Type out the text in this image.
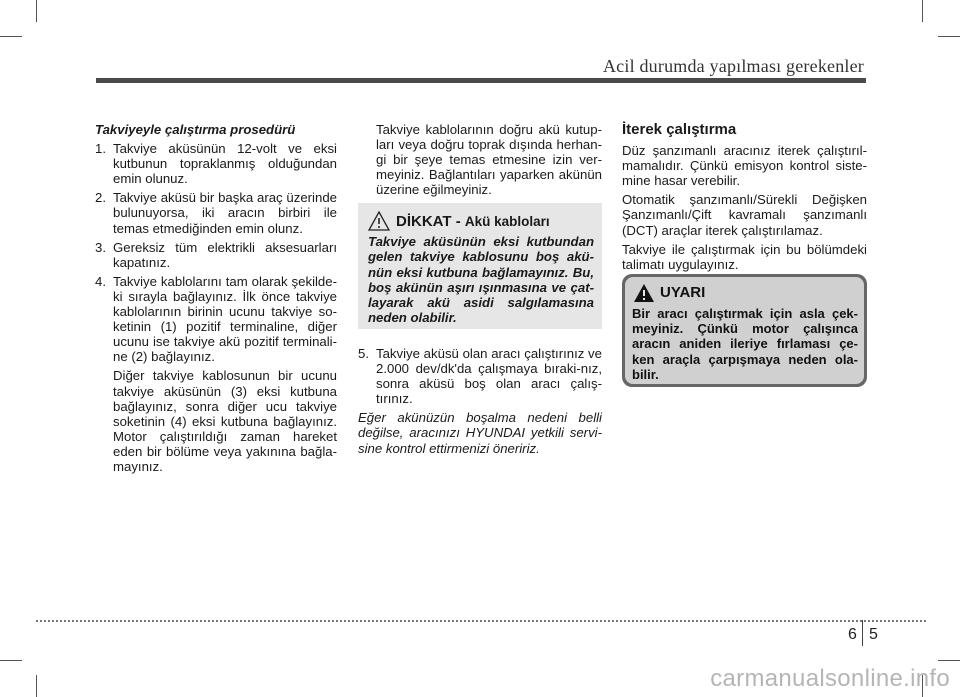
Acil durumda yapılması gerekenler

Takviyeyle çalıştırma prosedürü

1. Takviye aküsünün 12-volt ve eksi kutbunun topraklanmış olduğundan emin olunuz.
2. Takviye aküsü bir başka araç üzerinde bulunuyorsa, iki aracın birbiri ile temas etmediğinden emin olunz.
3. Gereksiz tüm elektrikli aksesuarları kapatınız.
4. Takviye kablolarını tam olarak şekilde-ki sırayla bağlayınız. İlk önce takviye kablolarının birinin ucunu takviye so-ketinin (1) pozitif terminaline, diğer ucunu ise takviye akü pozitif terminali-ne (2) bağlayınız.

Diğer takviye kablosunun bir ucunu takviye aküsünün (3) eksi kutbuna bağlayınız, sonra diğer ucu takviye soketinin (4) eksi kutbuna bağlayınız. Motor çalıştırıldığı zaman hareket eden bir bölüme veya yakınına bağla-mayınız.

Takviye kablolarının doğru akü kutup-ları veya doğru toprak dışında herhan-gi bir şeye temas etmesine izin ver-meyiniz. Bağlantıları yaparken akünün üzerine eğilmeyiniz.

DİKKAT - Akü kabloları
Takviye aküsünün eksi kutbundan gelen takviye kablosunu boş akü-nün eksi kutbuna bağlamayınız. Bu, boş akünün aşırı ışınmasına ve çat-layarak akü asidi salgılamasına neden olabilir.
5. Takviye aküsü olan aracı çalıştırınız ve 2.000 dev/dk'da çalışmaya bıraki-nız, sonra aküsü boş olan aracı çalış-tırınız.

Eğer akünüzün boşalma nedeni belli değilse, aracınızı HYUNDAI yetkili servi-sine kontrol ettirmenizi öneririz.

İterek çalıştırma

Düz şanzımanlı aracınız iterek çalıştırıl-mamalıdır. Çünkü emisyon kontrol siste-mine hasar verebilir.

Otomatik şanzımanlı/Sürekli Değişken Şanzımanlı/Çift kavramalı şanzımanlı (DCT) araçlar iterek çalıştırılamaz.

Takviye ile çalıştırmak için bu bölümdeki talimatı uygulayınız.

UYARI
Bir aracı çalıştırmak için asla çek-meyiniz. Çünkü motor çalışınca aracın aniden ileriye fırlaması çe-ken araçla çarpışmaya neden ola-bilir.
6 5
carmanualsonline.info
